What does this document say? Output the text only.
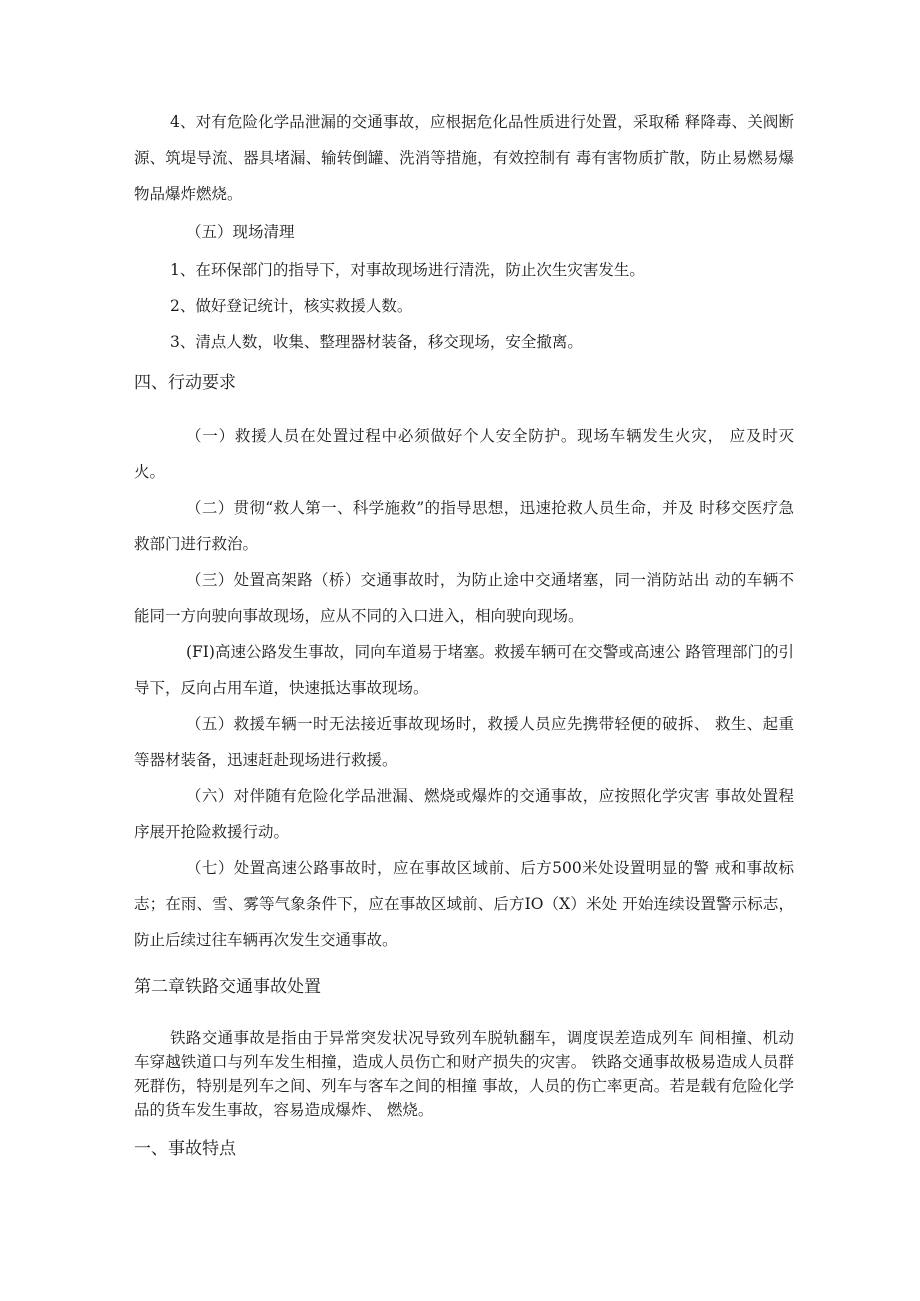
4、对有危险化学品泄漏的交通事故，应根据危化品性质进行处置，采取稀 释降毒、关阀断源、筑堤导流、器具堵漏、输转倒罐、洗消等措施，有效控制有 毒有害物质扩散，防止易燃易爆物品爆炸燃烧。

（五）现场清理

1、在环保部门的指导下，对事故现场进行清洗，防止次生灾害发生。

2、做好登记统计，核实救援人数。

3、清点人数，收集、整理器材装备，移交现场，安全撤离。

四、行动要求

（一）救援人员在处置过程中必须做好个人安全防护。现场车辆发生火灾， 应及时灭火。

（二）贯彻“救人第一、科学施救”的指导思想，迅速抢救人员生命，并及 时移交医疗急救部门进行救治。

（三）处置高架路（桥）交通事故时，为防止途中交通堵塞，同一消防站出 动的车辆不能同一方向驶向事故现场，应从不同的入口进入，相向驶向现场。

(FI)高速公路发生事故，同向车道易于堵塞。救援车辆可在交警或高速公 路管理部门的引导下，反向占用车道，快速抵达事故现场。

（五）救援车辆一时无法接近事故现场时，救援人员应先携带轻便的破拆、 救生、起重等器材装备，迅速赶赴现场进行救援。

（六）对伴随有危险化学品泄漏、燃烧或爆炸的交通事故，应按照化学灾害 事故处置程序展开抢险救援行动。

（七）处置高速公路事故时，应在事故区域前、后方500米处设置明显的警 戒和事故标志；在雨、雪、雾等气象条件下，应在事故区域前、后方IO（X）米处 开始连续设置警示标志，防止后续过往车辆再次发生交通事故。

第二章铁路交通事故处置

铁路交通事故是指由于异常突发状况导致列车脱轨翻车，调度误差造成列车 间相撞、机动车穿越铁道口与列车发生相撞，造成人员伤亡和财产损失的灾害。 铁路交通事故极易造成人员群死群伤，特别是列车之间、列车与客车之间的相撞 事故，人员的伤亡率更高。若是载有危险化学品的货车发生事故，容易造成爆炸、 燃烧。

一、事故特点
